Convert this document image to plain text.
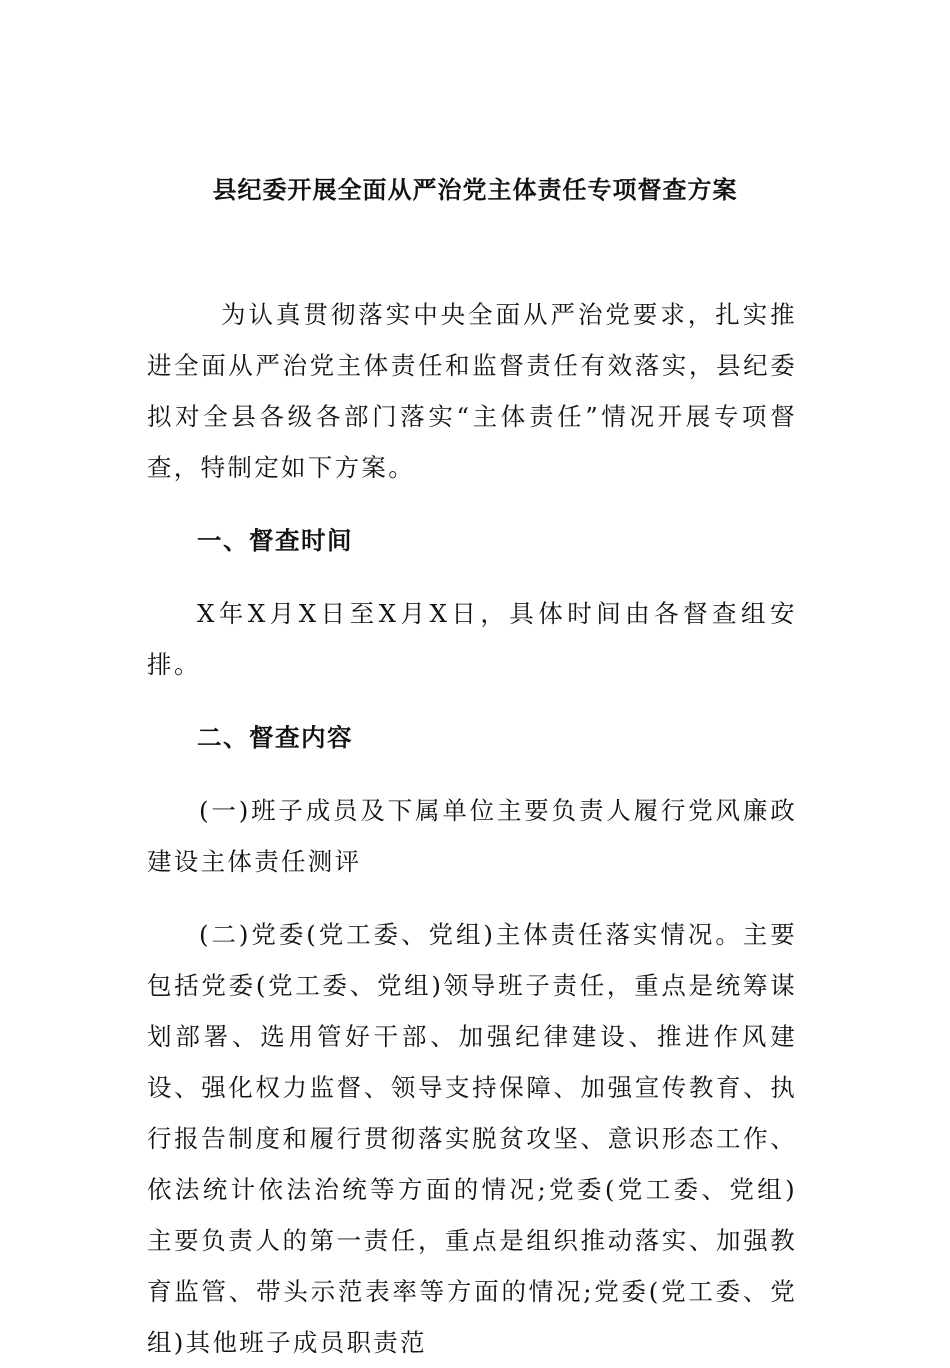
县纪委开展全面从严治党主体责任专项督查方案

为认真贯彻落实中央全面从严治党要求，扎实推进全面从严治党主体责任和监督责任有效落实，县纪委拟对全县各级各部门落实“主体责任”情况开展专项督查，特制定如下方案。

一、督查时间

X年X月X日至X月X日，具体时间由各督查组安排。

二、督查内容

(一)班子成员及下属单位主要负责人履行党风廉政建设主体责任测评

(二)党委(党工委、党组)主体责任落实情况。主要包括党委(党工委、党组)领导班子责任，重点是统筹谋划部署、选用管好干部、加强纪律建设、推进作风建设、强化权力监督、领导支持保障、加强宣传教育、执行报告制度和履行贯彻落实脱贫攻坚、意识形态工作、依法统计依法治统等方面的情况;党委(党工委、党组)主要负责人的第一责任，重点是组织推动落实、加强教育监管、带头示范表率等方面的情况;党委(党工委、党组)其他班子成员职责范
